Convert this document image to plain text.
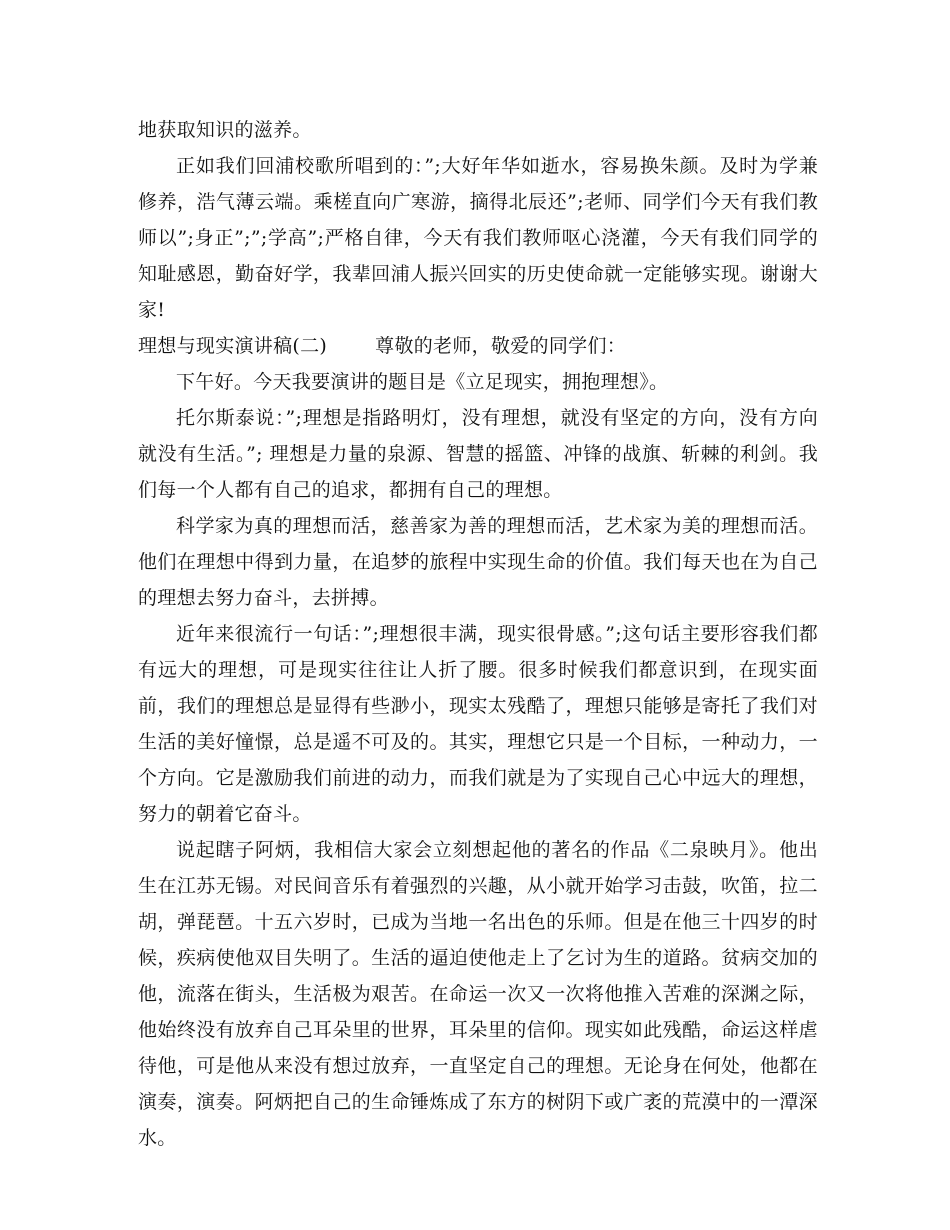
地获取知识的滋养。

正如我们回浦校歌所唱到的：”;大好年华如逝水，容易换朱颜。及时为学兼修养，浩气薄云端。乘槎直向广寒游，摘得北辰还”;老师、同学们今天有我们教师以”;身正”;”;学高”;严格自律，今天有我们教师呕心浇灌，今天有我们同学的知耻感恩，勤奋好学，我辈回浦人振兴回实的历史使命就一定能够实现。谢谢大家!

理想与现实演讲稿(二)	尊敬的老师，敬爱的同学们：

下午好。今天我要演讲的题目是《立足现实，拥抱理想》。

托尔斯泰说：”;理想是指路明灯，没有理想，就没有坚定的方向，没有方向就没有生活。”; 理想是力量的泉源、智慧的摇篮、冲锋的战旗、斩棘的利剑。我们每一个人都有自己的追求，都拥有自己的理想。

科学家为真的理想而活，慈善家为善的理想而活，艺术家为美的理想而活。他们在理想中得到力量，在追梦的旅程中实现生命的价值。我们每天也在为自己的理想去努力奋斗，去拼搏。

近年来很流行一句话：”;理想很丰满，现实很骨感。”;这句话主要形容我们都有远大的理想，可是现实往往让人折了腰。很多时候我们都意识到，在现实面前，我们的理想总是显得有些渺小，现实太残酷了，理想只能够是寄托了我们对生活的美好憧憬，总是遥不可及的。其实，理想它只是一个目标，一种动力，一个方向。它是激励我们前进的动力，而我们就是为了实现自己心中远大的理想，努力的朝着它奋斗。

说起瞎子阿炳，我相信大家会立刻想起他的著名的作品《二泉映月》。他出生在江苏无锡。对民间音乐有着强烈的兴趣，从小就开始学习击鼓，吹笛，拉二胡，弹琵琶。十五六岁时，已成为当地一名出色的乐师。但是在他三十四岁的时候，疾病使他双目失明了。生活的逼迫使他走上了乞讨为生的道路。贫病交加的他，流落在街头，生活极为艰苦。在命运一次又一次将他推入苦难的深渊之际，他始终没有放弃自己耳朵里的世界，耳朵里的信仰。现实如此残酷，命运这样虐待他，可是他从来没有想过放弃，一直坚定自己的理想。无论身在何处，他都在演奏，演奏。阿炳把自己的生命锤炼成了东方的树阴下或广袤的荒漠中的一潭深水。
